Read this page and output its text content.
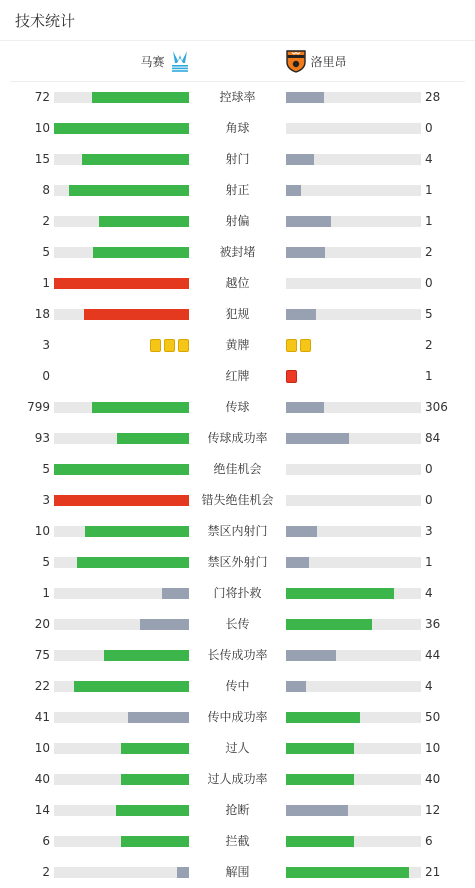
技术统计
马赛	洛里昂
72	控球率	28
10	角球	0
15	射门	4
8	射正	1
2	射偏	1
5	被封堵	2
1	越位	0
18	犯规	5
3	黄牌	2
0	红牌	1
799	传球	306
93	传球成功率	84
5	绝佳机会	0
3	错失绝佳机会	0
10	禁区内射门	3
5	禁区外射门	1
1	门将扑救	4
20	长传	36
75	长传成功率	44
22	传中	4
41	传中成功率	50
10	过人	10
40	过人成功率	40
14	抢断	12
6	拦截	6
2	解围	21
